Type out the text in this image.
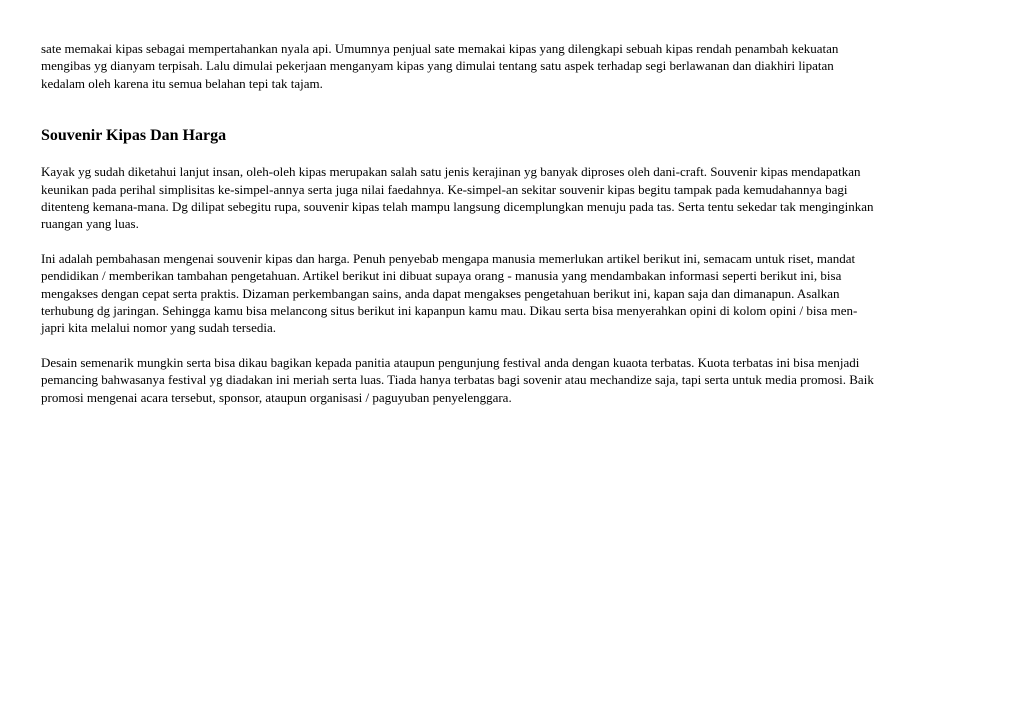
sate memakai kipas sebagai mempertahankan nyala api. Umumnya penjual sate memakai kipas yang dilengkapi sebuah kipas rendah penambah kekuatan
mengibas yg dianyam terpisah. Lalu dimulai pekerjaan menganyam kipas yang dimulai tentang satu aspek terhadap segi berlawanan dan diakhiri lipatan
kedalam oleh karena itu semua belahan tepi tak tajam.

Souvenir Kipas Dan Harga

Kayak yg sudah diketahui lanjut insan, oleh-oleh kipas merupakan salah satu jenis kerajinan yg banyak diproses oleh dani-craft. Souvenir kipas mendapatkan
keunikan pada perihal simplisitas ke-simpel-annya serta juga nilai faedahnya. Ke-simpel-an sekitar souvenir kipas begitu tampak pada kemudahannya bagi
ditenteng kemana-mana. Dg dilipat sebegitu rupa, souvenir kipas telah mampu langsung dicemplungkan menuju pada tas. Serta tentu sekedar tak menginginkan
ruangan yang luas.

Ini adalah pembahasan mengenai souvenir kipas dan harga. Penuh penyebab mengapa manusia memerlukan artikel berikut ini, semacam untuk riset, mandat
pendidikan / memberikan tambahan pengetahuan. Artikel berikut ini dibuat supaya orang - manusia yang mendambakan informasi seperti berikut ini, bisa
mengakses dengan cepat serta praktis. Dizaman perkembangan sains, anda dapat mengakses pengetahuan berikut ini, kapan saja dan dimanapun. Asalkan
terhubung dg jaringan. Sehingga kamu bisa melancong situs berikut ini kapanpun kamu mau. Dikau serta bisa menyerahkan opini di kolom opini / bisa men-
japri kita melalui nomor yang sudah tersedia.

Desain semenarik mungkin serta bisa dikau bagikan kepada panitia ataupun pengunjung festival anda dengan kuaota terbatas. Kuota terbatas ini bisa menjadi
pemancing bahwasanya festival yg diadakan ini meriah serta luas. Tiada hanya terbatas bagi sovenir atau mechandize saja, tapi serta untuk media promosi. Baik
promosi mengenai acara tersebut, sponsor, ataupun organisasi / paguyuban penyelenggara.
